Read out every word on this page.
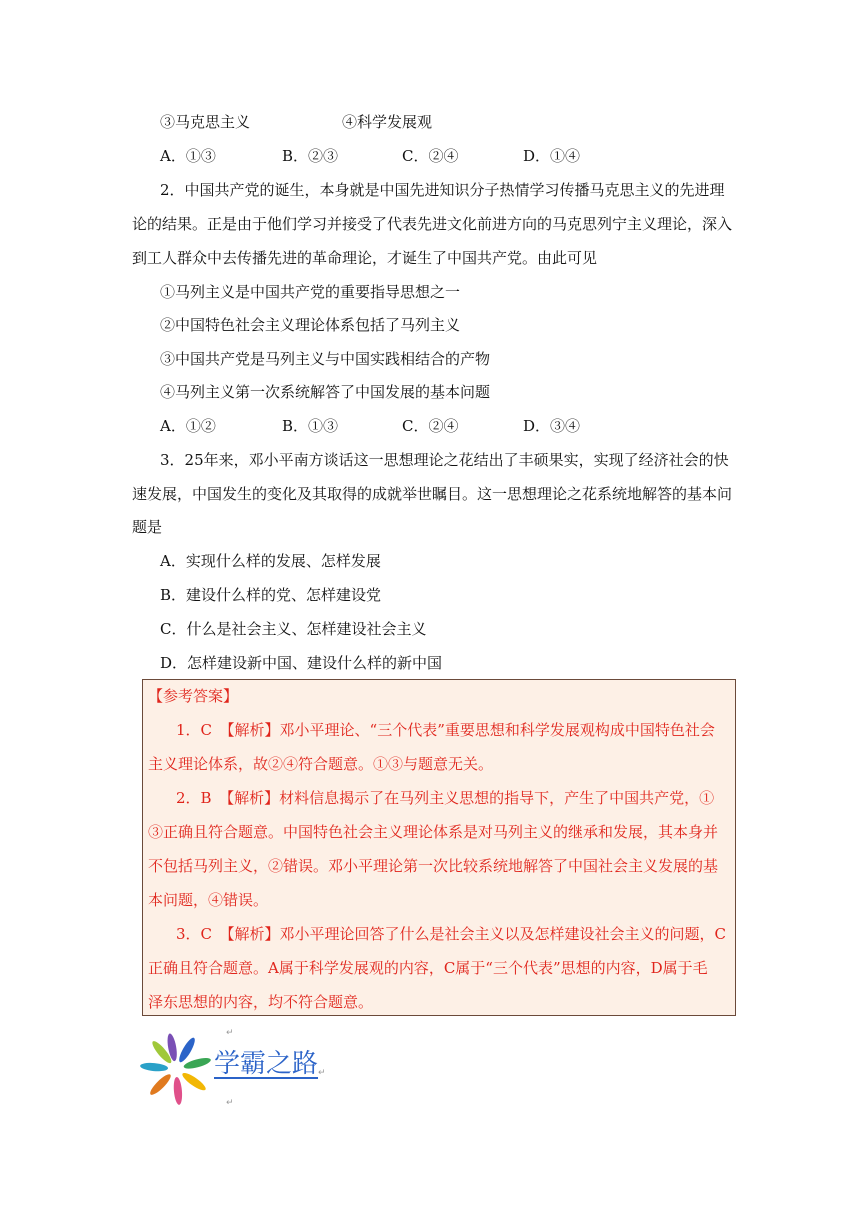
③马克思主义	④科学发展观
A．①③	B．②③	C．②④	D．①④
2．中国共产党的诞生，本身就是中国先进知识分子热情学习传播马克思主义的先进理
论的结果。正是由于他们学习并接受了代表先进文化前进方向的马克思列宁主义理论，深入
到工人群众中去传播先进的革命理论，才诞生了中国共产党。由此可见
①马列主义是中国共产党的重要指导思想之一
②中国特色社会主义理论体系包括了马列主义
③中国共产党是马列主义与中国实践相结合的产物
④马列主义第一次系统解答了中国发展的基本问题
A．①②	B．①③	C．②④	D．③④
3．25年来，邓小平南方谈话这一思想理论之花结出了丰硕果实，实现了经济社会的快
速发展，中国发生的变化及其取得的成就举世瞩目。这一思想理论之花系统地解答的基本问
题是
A．实现什么样的发展、怎样发展
B．建设什么样的党、怎样建设党
C．什么是社会主义、怎样建设社会主义
D．怎样建设新中国、建设什么样的新中国
【参考答案】
1．C　【解析】邓小平理论、“三个代表”重要思想和科学发展观构成中国特色社会
主义理论体系，故②④符合题意。①③与题意无关。
2．B　【解析】材料信息揭示了在马列主义思想的指导下，产生了中国共产党，①
③正确且符合题意。中国特色社会主义理论体系是对马列主义的继承和发展，其本身并
不包括马列主义，②错误。邓小平理论第一次比较系统地解答了中国社会主义发展的基
本问题，④错误。
3．C　【解析】邓小平理论回答了什么是社会主义以及怎样建设社会主义的问题，C
正确且符合题意。A属于科学发展观的内容，C属于“三个代表”思想的内容，D属于毛
泽东思想的内容，均不符合题意。
学霸之路
↵
↵
↵
